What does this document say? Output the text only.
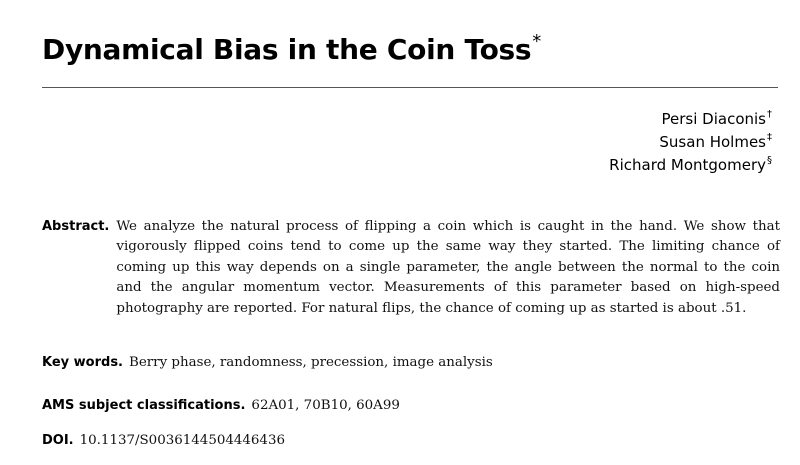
Dynamical Bias in the Coin Toss*
Persi Diaconis†
Susan Holmes‡
Richard Montgomery§
Abstract. We analyze the natural process of flipping a coin which is caught in the hand. We show that vigorously flipped coins tend to come up the same way they started. The limiting chance of coming up this way depends on a single parameter, the angle between the normal to the coin and the angular momentum vector. Measurements of this parameter based on high-speed photography are reported. For natural flips, the chance of coming up as started is about .51.
Key words. Berry phase, randomness, precession, image analysis
AMS subject classifications. 62A01, 70B10, 60A99
DOI. 10.1137/S0036144504446436
